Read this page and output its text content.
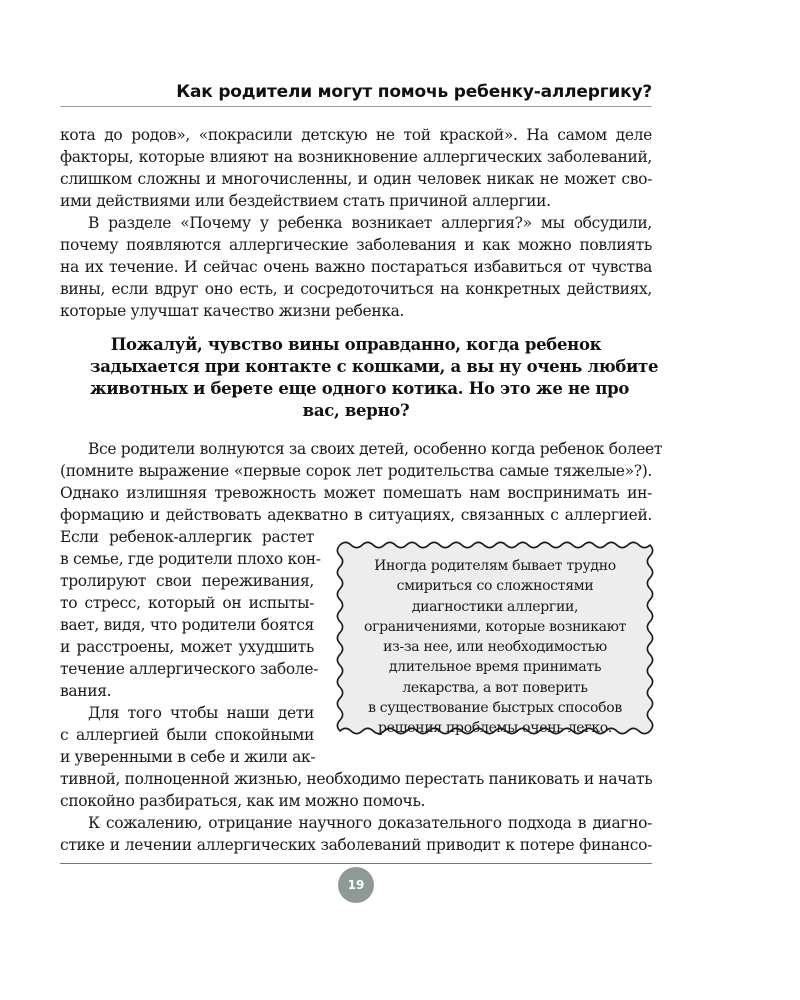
Как родители могут помочь ребенку-аллергику?
кота до родов», «покрасили детскую не той краской». На самом деле
факторы, которые влияют на возникновение аллергических заболеваний,
слишком сложны и многочисленны, и один человек никак не может сво-
ими действиями или бездействием стать причиной аллергии.
В разделе «Почему у ребенка возникает аллергия?» мы обсудили,
почему появляются аллергические заболевания и как можно повлиять
на их течение. И сейчас очень важно постараться избавиться от чувства
вины, если вдруг оно есть, и сосредоточиться на конкретных действиях,
которые улучшат качество жизни ребенка.
Пожалуй, чувство вины оправданно, когда ребенок
задыхается при контакте с кошками, а вы ну очень любите
животных и берете еще одного котика. Но это же не про
вас, верно?
Все родители волнуются за своих детей, особенно когда ребенок болеет
(помните выражение «первые сорок лет родительства самые тяжелые»?).
Однако излишняя тревожность может помешать нам воспринимать ин-
формацию и действовать адекватно в ситуациях, связанных с аллергией.
Если ребенок-аллергик растет
в семье, где родители плохо кон-
тролируют свои переживания,
то стресс, который он испыты-
вает, видя, что родители боятся
и расстроены, может ухудшить
течение аллергического заболе-
вания.
Для того чтобы наши дети
с аллергией были спокойными
и уверенными в себе и жили ак-
тивной, полноценной жизнью, необходимо перестать паниковать и начать
спокойно разбираться, как им можно помочь.
К сожалению, отрицание научного доказательного подхода в диагно-
стике и лечении аллергических заболеваний приводит к потере финансо-
Иногда родителям бывает трудно
смириться со сложностями
диагностики аллергии,
ограничениями, которые возникают
из-за нее, или необходимостью
длительное время принимать
лекарства, а вот поверить
в существование быстрых способов
решения проблемы очень легко.
19
